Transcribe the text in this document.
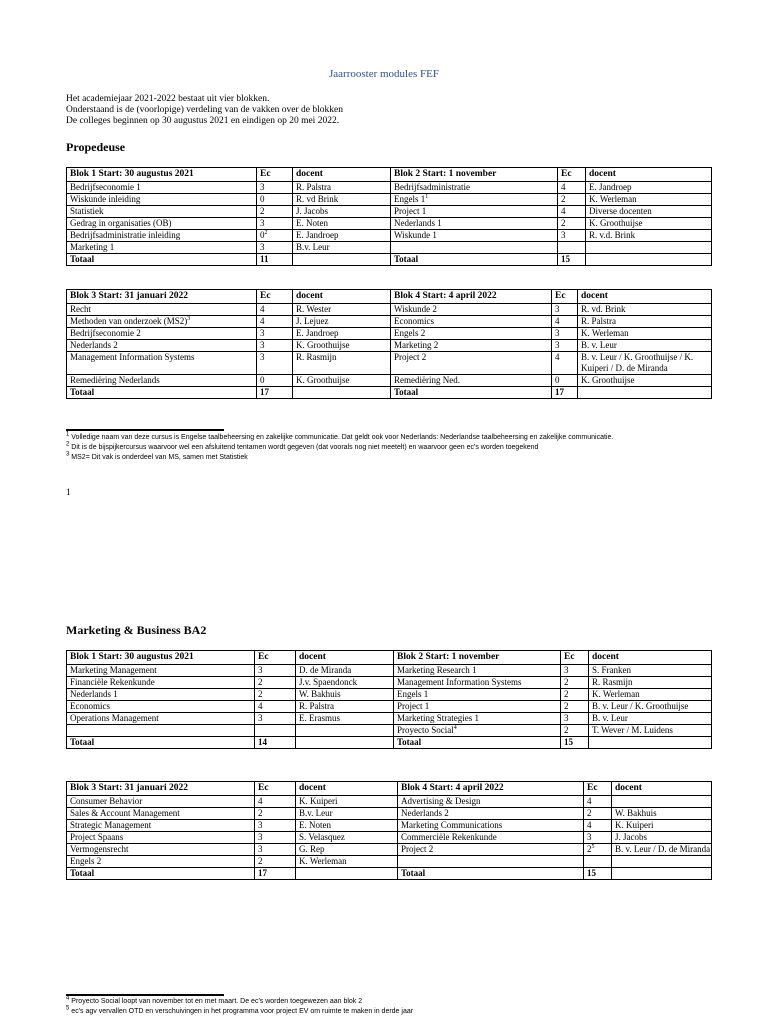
Jaarrooster modules FEF
Het academiejaar 2021-2022 bestaat uit vier blokken.
Onderstaand is de (voorlopige) verdeling van de vakken over de blokken
De colleges beginnen op 30 augustus 2021 en eindigen op 20 mei 2022.
Propedeuse
Blok 1 Start: 30 augustus 2021	Ec	docent	Blok 2 Start: 1 november	Ec	docent
Bedrijfseconomie 1	3	R. Palstra	Bedrijfsadministratie	4	E. Jandroep
Wiskunde inleiding	0	R. vd Brink	Engels $1^1$	2	K. Werleman
Statistiek	2	J. Jacobs	Project 1	4	Diverse docenten
Gedrag in organisaties (OB)	3	E. Noten	Nederlands 1	2	K. Groothuijse
Bedrijfsadministratie inleiding	$0^2$	E. Jandroep	Wiskunde 1	3	R. v.d. Brink
Marketing 1	3	B.v. Leur			
Totaal	11		Totaal	15	
Blok 3 Start: 31 januari 2022	Ec	docent	Blok 4 Start: 4 april 2022	Ec	docent
Recht	4	R. Wester	Wiskunde 2	3	R. vd. Brink
Methoden van onderzoek $(MS2)^3$	4	J. Lejuez	Economics	4	R. Palstra
Bedrijfseconomie 2	3	E. Jandroep	Engels 2	3	K. Werleman
Nederlands 2	3	K. Groothuijse	Marketing 2	3	B. v. Leur
Management Information Systems	3	R. Rasmijn	Project 2	4	B. v. Leur / K. Groothuijse / K. Kuiperi / D. de Miranda
Remediëring Nederlands	0	K. Groothuijse	Remediëring Ned.	0	K. Groothuijse
Totaal	17		Totaal	17	
$^1$ Volledige naam van deze cursus is Engelse taalbeheersing en zakelijke communicatie. Dat geldt ook voor Nederlands: Nederlandse taalbeheersing en zakelijke communicatie.
$^2$ Dit is de bijspijkercursus waarvoor wel een afsluitend tentamen wordt gegeven (dat voorals nog niet meetelt) en waarvoor geen ec's worden toegekend
$^3$ MS2= Dit vak is onderdeel van MS, samen met Statistiek
1
Marketing & Business BA2
Blok 1 Start: 30 augustus 2021	Ec	docent	Blok 2 Start: 1 november	Ec	docent
Marketing Management	3	D. de Miranda	Marketing Research 1	3	S. Franken
Financiële Rekenkunde	2	J.v. Spaendonck	Management Information Systems	2	R. Rasmijn
Nederlands 1	2	W. Bakhuis	Engels 1	2	K. Werleman
Economics	4	R. Palstra	Project 1	2	B. v. Leur / K. Groothuijse
Operations Management	3	E. Erasmus	Marketing Strategies 1	3	B. v. Leur
			Proyecto Social$^4$	2	T. Wever / M. Luidens
Totaal	14		Totaal	15	
Blok 3 Start: 31 januari 2022	Ec	docent	Blok 4 Start: 4 april 2022	Ec	docent
Consumer Behavior	4	K. Kuiperi	Advertising & Design	4	
Sales & Account Management	2	B.v. Leur	Nederlands 2	2	W. Bakhuis
Strategic Management	3	E. Noten	Marketing Communications	4	K. Kuiperi
Project Spaans	3	S. Velasquez	Commerciële Rekenkunde	3	J. Jacobs
Vermogensrecht	3	G. Rep	Project 2	$2^5$	B. v. Leur / D. de Miranda
Engels 2	2	K. Werleman			
Totaal	17		Totaal	15	
$^4$ Proyecto Social loopt van november tot en met maart. De ec's worden toegewezen aan blok 2
$^5$ ec's agv vervallen OTD en verschuivingen in het programma voor project EV om ruimte te maken in derde jaar
